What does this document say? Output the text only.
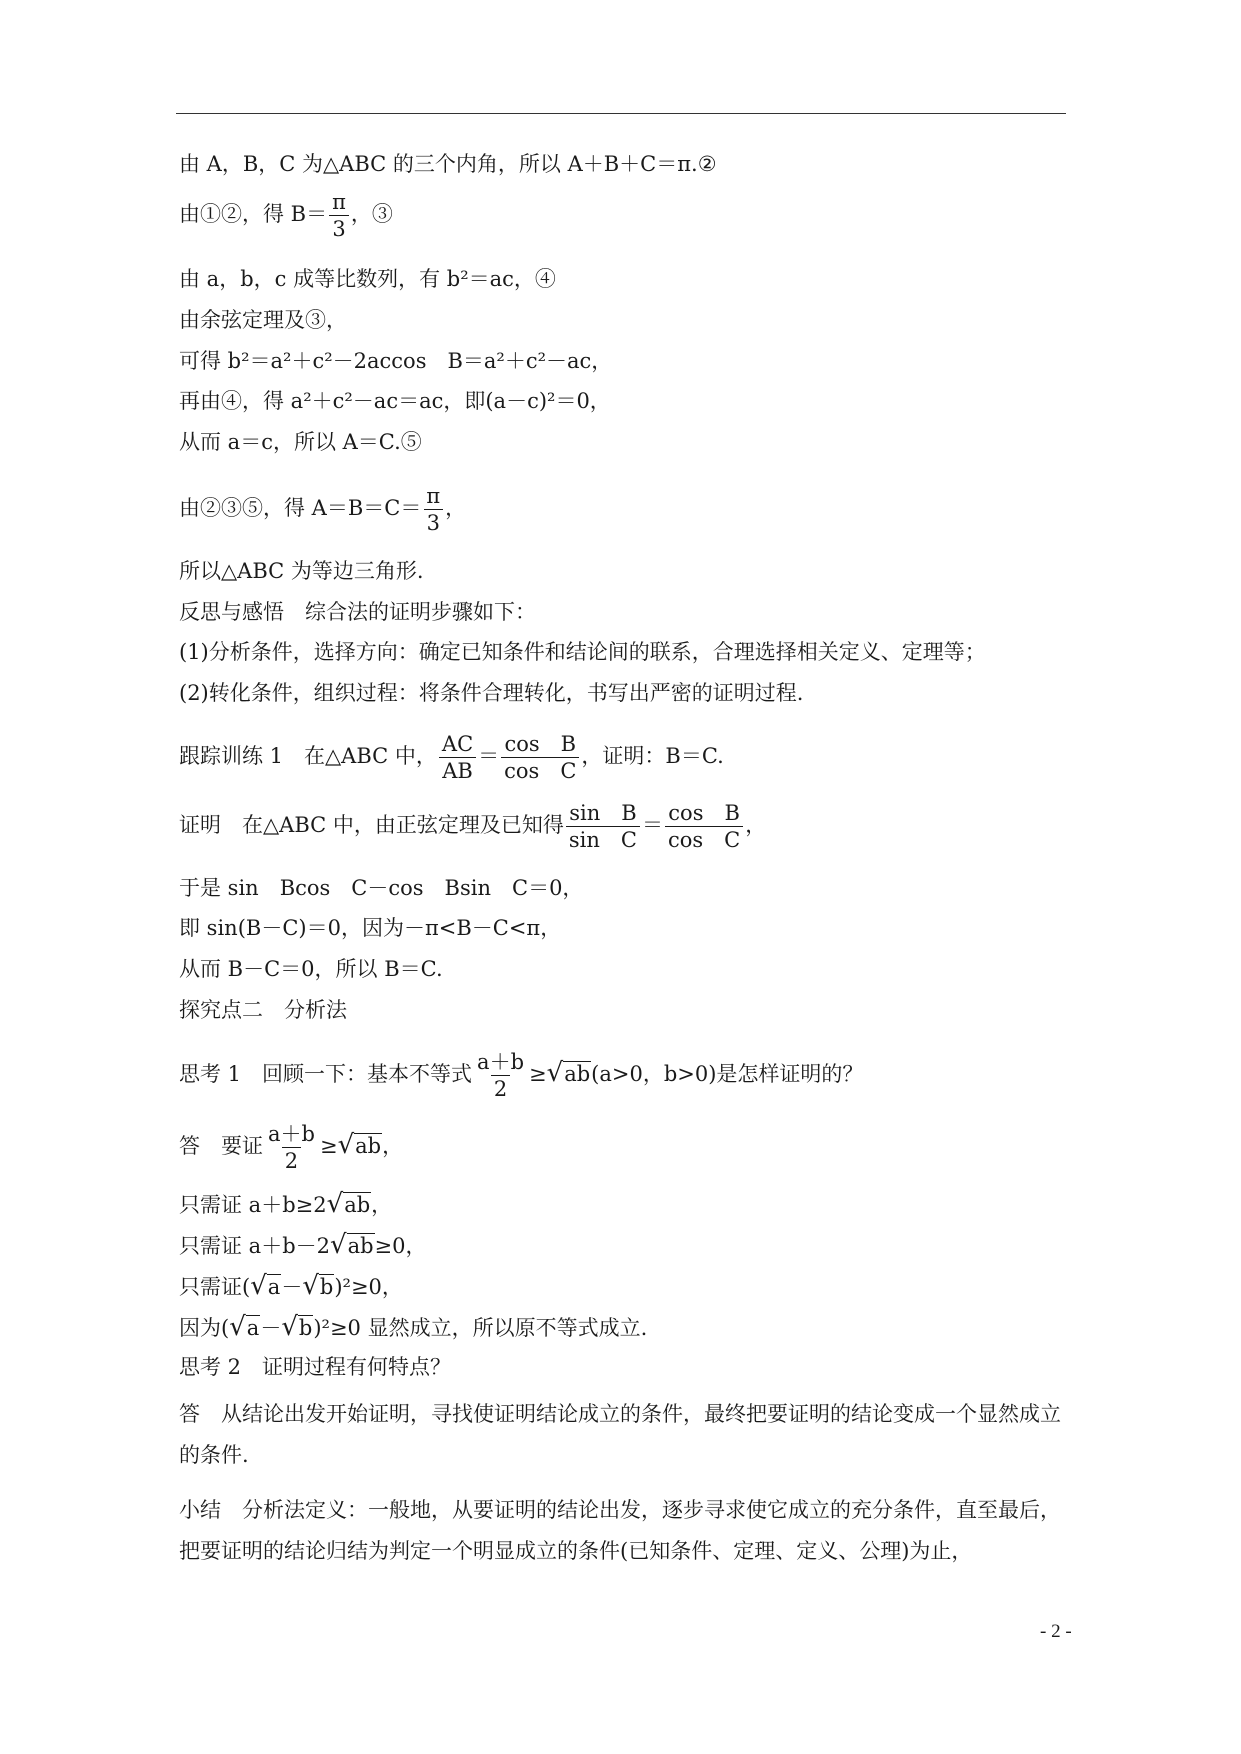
由 A，B，C 为△ABC 的三个内角，所以 A＋B＋C＝π.②
由①②，得 $B= \frac{\pi}{3}$ ，③
由 a，b，c 成等比数列，有 b²＝ac，④
由余弦定理及③，
可得 b²＝a²＋c²－2accos　B＝a²＋c²－ac，
再由④，得 a²＋c²－ac＝ac，即(a－c)²＝0，
从而 a＝c，所以 A＝C.⑤
由②③⑤，得 $A=B=C= \frac{\pi}{3}$ ，
所以△ABC 为等边三角形.
反思与感悟　综合法的证明步骤如下：
(1)分析条件，选择方向：确定已知条件和结论间的联系，合理选择相关定义、定理等；
(2)转化条件，组织过程：将条件合理转化，书写出严密的证明过程.
跟踪训练 1　在△ABC 中， $\frac{AC}{AB} = \frac{\text{cos　B}}{\text{cos　C}}$ ，证明：B＝C.
证明　在△ABC 中，由正弦定理及已知得 $\frac{\text{sin　B}}{\text{sin　C}} = \frac{\text{cos　B}}{\text{cos　C}}$ ，
于是 sin　Bcos　C－cos　Bsin　C＝0，
即 sin(B－C)＝0，因为－π<B－C<π，
从而 B－C＝0，所以 B＝C.
探究点二　分析法
思考 1　回顾一下：基本不等式 $\frac{a+b}{2} \ge√ab(a>0$，b>0)是怎样证明的？
答　要证 $\frac{a+b}{2} \ge√ab$，
只需证 a＋b≥2√ab，
只需证 a＋b－2√ab≥0，
只需证(√a－√b)²≥0，
因为(√a－√b)²≥0 显然成立，所以原不等式成立.
思考 2　证明过程有何特点？
答　从结论出发开始证明，寻找使证明结论成立的条件，最终把要证明的结论变成一个显然成立的条件.
小结　分析法定义：一般地，从要证明的结论出发，逐步寻求使它成立的充分条件，直至最后，把要证明的结论归结为判定一个明显成立的条件(已知条件、定理、定义、公理)为止，
- 2 -
